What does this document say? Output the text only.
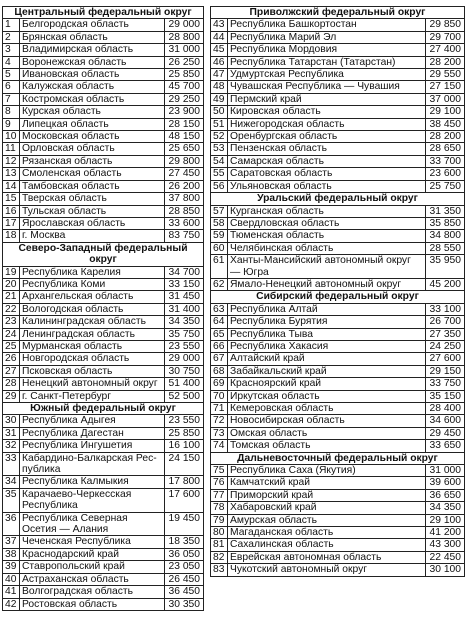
Центральный федеральный округ		
1	Белгородская область	29 000
2	Брянская область	28 800
3	Владимирская область	31 000
4	Воронежская область	26 250
5	Ивановская область	25 850
6	Калужская область	45 700
7	Костромская область	29 250
8	Курская область	23 900
9	Липецкая область	28 150
10	Московская область	48 150
11	Орловская область	25 650
12	Рязанская область	29 800
13	Смоленская область	27 450
14	Тамбовская область	26 200
15	Тверская область	37 800
16	Тульская область	28 850
17	Ярославская область	33 600
18	г. Москва	83 750
Северо-Западный федеральный округ		
19	Республика Карелия	34 700
20	Республика Коми	33 150
21	Архангельская область	31 450
22	Вологодская область	31 400
23	Калининградская область	34 350
24	Ленинградская область	35 750
25	Мурманская область	23 550
26	Новгородская область	29 000
27	Псковская область	30 750
28	Ненецкий автономный округ	51 400
29	г. Санкт-Петербург	52 500
Южный федеральный округ		
30	Республика Адыгея	23 550
31	Республика Дагестан	25 850
32	Республика Ингушетия	16 100
33	Кабардино-Балкарская Республика	24 150
34	Республика Калмыкия	17 800
35	Карачаево-Черкесская Республика	17 600
36	Республика Северная Осетия — Алания	19 450
37	Чеченская Республика	18 350
38	Краснодарский край	36 050
39	Ставропольский край	23 050
40	Астраханская область	26 450
41	Волгоградская область	36 450
42	Ростовская область	30 350
Приволжский федеральный округ		
43	Республика Башкортостан	29 850
44	Республика Марий Эл	29 700
45	Республика Мордовия	27 400
46	Республика Татарстан (Татарстан)	28 200
47	Удмуртская Республика	29 550
48	Чувашская Республика — Чувашия	27 150
49	Пермский край	37 000
50	Кировская область	29 100
51	Нижегородская область	38 450
52	Оренбургская область	28 200
53	Пензенская область	28 650
54	Самарская область	33 700
55	Саратовская область	23 600
56	Ульяновская область	25 750
Уральский федеральный округ		
57	Курганская область	31 350
58	Свердловская область	35 850
59	Тюменская область	34 800
60	Челябинская область	28 550
61	Ханты-Мансийский автономный округ — Югра	35 950
62	Ямало-Ненецкий автономный округ	45 200
Сибирский федеральный округ		
63	Республика Алтай	33 100
64	Республика Бурятия	26 700
65	Республика Тыва	27 350
66	Республика Хакасия	24 250
67	Алтайский край	27 600
68	Забайкальский край	29 150
69	Красноярский край	33 750
70	Иркутская область	35 150
71	Кемеровская область	28 400
72	Новосибирская область	34 600
73	Омская область	29 450
74	Томская область	33 650
Дальневосточный федеральный округ		
75	Республика Саха (Якутия)	31 000
76	Камчатский край	39 600
77	Приморский край	36 650
78	Хабаровский край	34 350
79	Амурская область	29 100
80	Магаданская область	41 200
81	Сахалинская область	43 300
82	Еврейская автономная область	22 450
83	Чукотский автономный округ	30 100
